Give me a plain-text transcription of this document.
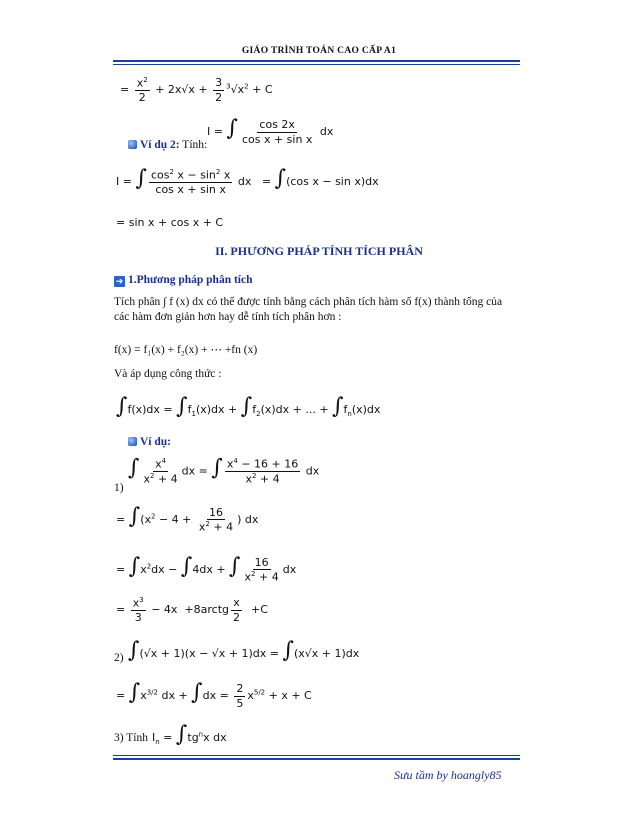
GIÁO TRÌNH TOÁN CAO CẤP A1
= $\frac{x^2}{2} + 2x√x + \frac{3}{2} ^3√x^2 + C$
I = ∫ $\frac{\cos 2x}{\text{cos x + sin x}}$ dx
Ví dụ 2: Tính:
I = ∫ $\frac{\cos^2 x - \sin^2 x}{\text{cos x + sin x}}$ dx   = ∫(cos x − sin x)dx
= sin x + cos x + C
II. PHƯƠNG PHÁP TÍNH TÍCH PHÂN
➔ 1.Phương pháp phân tích
Tích phân ∫ f (x) dx có thể được tính bằng cách phân tích hàm số f(x) thành tổng của
các hàm đơn giản hơn hay dễ tính tích phân hơn :
f(x) = f₁(x) + f₂(x) + ⋯ +fn (x)
Và áp dụng công thức :
$\int f(x)dx = \int f_1(x)dx + \int f_2(x)dx$ + ... + $\int f_n(x)dx$
Ví dụ:
∫ $\frac{x^4}{x^2 + 4}$ dx = ∫ $\frac{x^4 - 16 + 16}{x^2 + 4}$ dx
1)
= $\int(x^2 - 4 + \frac{16}{x^2 + 4}$ ) dx
= $\int x^2dx - \int 4dx$ + ∫ $\frac{16}{x^2 + 4}$ dx
= $\frac{x^3}{3} - 4x$  +8arctg $\frac{x}{2} +C$
∫(√x + 1)(x − √x + 1)dx = ∫(x√x + 1)dx
2)
= $\int x^{3/2}$ dx + $\int dx = \frac{2}{5} x^{5/2} + x + C$
$I_n = \int tg^nx$ dx
3) Tính
Sưu tầm by hoangly85
